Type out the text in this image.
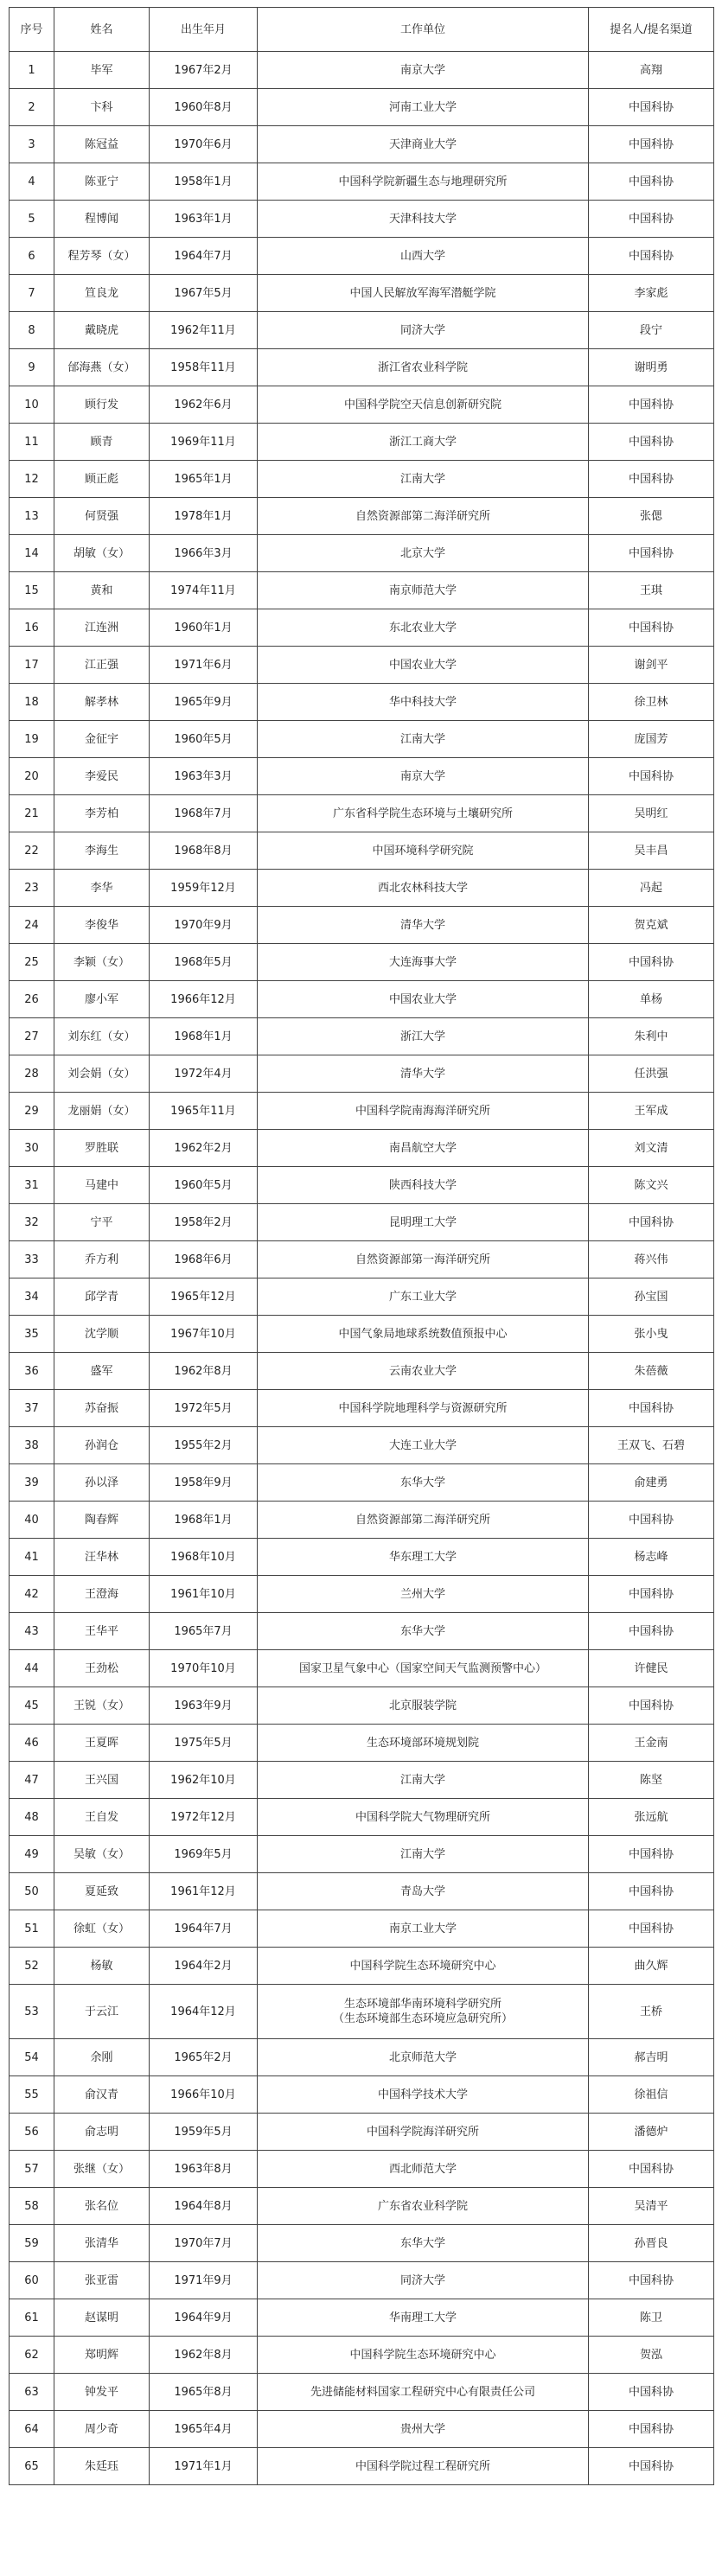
序号	姓名	出生年月	工作单位	提名人/提名渠道
1	毕军	1967年2月	南京大学	高翔
2	卞科	1960年8月	河南工业大学	中国科协
3	陈冠益	1970年6月	天津商业大学	中国科协
4	陈亚宁	1958年1月	中国科学院新疆生态与地理研究所	中国科协
5	程博闻	1963年1月	天津科技大学	中国科协
6	程芳琴（女）	1964年7月	山西大学	中国科协
7	笪良龙	1967年5月	中国人民解放军海军潜艇学院	李家彪
8	戴晓虎	1962年11月	同济大学	段宁
9	邰海燕（女）	1958年11月	浙江省农业科学院	谢明勇
10	顾行发	1962年6月	中国科学院空天信息创新研究院	中国科协
11	顾青	1969年11月	浙江工商大学	中国科协
12	顾正彪	1965年1月	江南大学	中国科协
13	何贤强	1978年1月	自然资源部第二海洋研究所	张偲
14	胡敏（女）	1966年3月	北京大学	中国科协
15	黄和	1974年11月	南京师范大学	王琪
16	江连洲	1960年1月	东北农业大学	中国科协
17	江正强	1971年6月	中国农业大学	谢剑平
18	解孝林	1965年9月	华中科技大学	徐卫林
19	金征宇	1960年5月	江南大学	庞国芳
20	李爱民	1963年3月	南京大学	中国科协
21	李芳柏	1968年7月	广东省科学院生态环境与土壤研究所	吴明红
22	李海生	1968年8月	中国环境科学研究院	吴丰昌
23	李华	1959年12月	西北农林科技大学	冯起
24	李俊华	1970年9月	清华大学	贺克斌
25	李颖（女）	1968年5月	大连海事大学	中国科协
26	廖小军	1966年12月	中国农业大学	单杨
27	刘东红（女）	1968年1月	浙江大学	朱利中
28	刘会娟（女）	1972年4月	清华大学	任洪强
29	龙丽娟（女）	1965年11月	中国科学院南海海洋研究所	王军成
30	罗胜联	1962年2月	南昌航空大学	刘文清
31	马建中	1960年5月	陕西科技大学	陈文兴
32	宁平	1958年2月	昆明理工大学	中国科协
33	乔方利	1968年6月	自然资源部第一海洋研究所	蒋兴伟
34	邱学青	1965年12月	广东工业大学	孙宝国
35	沈学顺	1967年10月	中国气象局地球系统数值预报中心	张小曳
36	盛军	1962年8月	云南农业大学	朱蓓薇
37	苏奋振	1972年5月	中国科学院地理科学与资源研究所	中国科协
38	孙润仓	1955年2月	大连工业大学	王双飞、石碧
39	孙以泽	1958年9月	东华大学	俞建勇
40	陶春辉	1968年1月	自然资源部第二海洋研究所	中国科协
41	汪华林	1968年10月	华东理工大学	杨志峰
42	王澄海	1961年10月	兰州大学	中国科协
43	王华平	1965年7月	东华大学	中国科协
44	王劲松	1970年10月	国家卫星气象中心（国家空间天气监测预警中心）	许健民
45	王锐（女）	1963年9月	北京服装学院	中国科协
46	王夏晖	1975年5月	生态环境部环境规划院	王金南
47	王兴国	1962年10月	江南大学	陈坚
48	王自发	1972年12月	中国科学院大气物理研究所	张远航
49	吴敏（女）	1969年5月	江南大学	中国科协
50	夏延致	1961年12月	青岛大学	中国科协
51	徐虹（女）	1964年7月	南京工业大学	中国科协
52	杨敏	1964年2月	中国科学院生态环境研究中心	曲久辉
53	于云江	1964年12月	生态环境部华南环境科学研究所
（生态环境部生态环境应急研究所）	王桥
54	余刚	1965年2月	北京师范大学	郝吉明
55	俞汉青	1966年10月	中国科学技术大学	徐祖信
56	俞志明	1959年5月	中国科学院海洋研究所	潘德炉
57	张继（女）	1963年8月	西北师范大学	中国科协
58	张名位	1964年8月	广东省农业科学院	吴清平
59	张清华	1970年7月	东华大学	孙晋良
60	张亚雷	1971年9月	同济大学	中国科协
61	赵谋明	1964年9月	华南理工大学	陈卫
62	郑明辉	1962年8月	中国科学院生态环境研究中心	贺泓
63	钟发平	1965年8月	先进储能材料国家工程研究中心有限责任公司	中国科协
64	周少奇	1965年4月	贵州大学	中国科协
65	朱廷珏	1971年1月	中国科学院过程工程研究所	中国科协
